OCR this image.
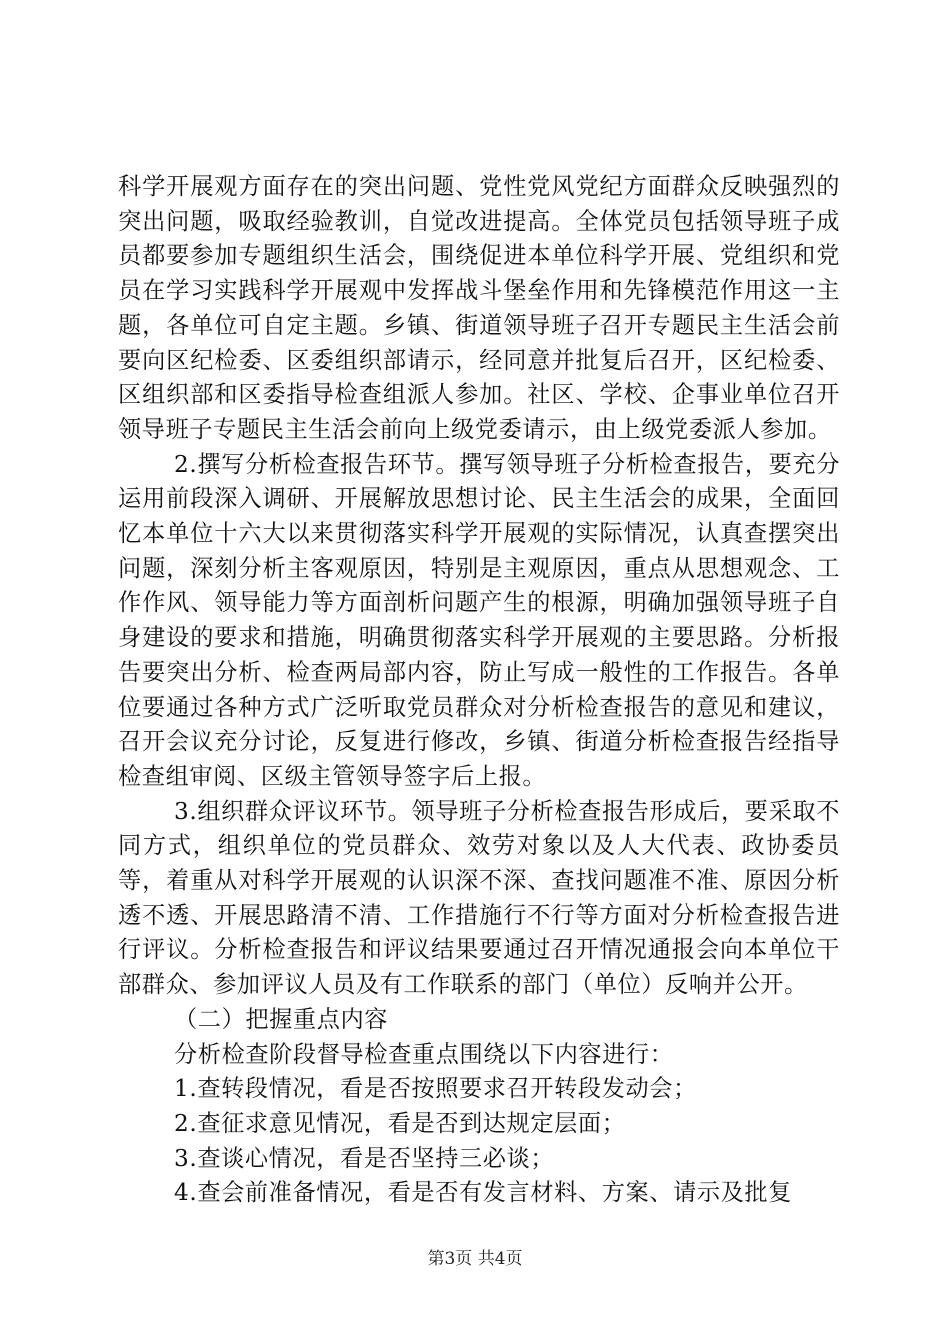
科学开展观方面存在的突出问题、党性党风党纪方面群众反映强烈的突出问题，吸取经验教训，自觉改进提高。全体党员包括领导班子成员都要参加专题组织生活会，围绕促进本单位科学开展、党组织和党员在学习实践科学开展观中发挥战斗堡垒作用和先锋模范作用这一主题，各单位可自定主题。乡镇、街道领导班子召开专题民主生活会前要向区纪检委、区委组织部请示，经同意并批复后召开，区纪检委、区组织部和区委指导检查组派人参加。社区、学校、企事业单位召开领导班子专题民主生活会前向上级党委请示，由上级党委派人参加。

2.撰写分析检查报告环节。撰写领导班子分析检查报告，要充分运用前段深入调研、开展解放思想讨论、民主生活会的成果，全面回忆本单位十六大以来贯彻落实科学开展观的实际情况，认真查摆突出问题，深刻分析主客观原因，特别是主观原因，重点从思想观念、工作作风、领导能力等方面剖析问题产生的根源，明确加强领导班子自身建设的要求和措施，明确贯彻落实科学开展观的主要思路。分析报告要突出分析、检查两局部内容，防止写成一般性的工作报告。各单位要通过各种方式广泛听取党员群众对分析检查报告的意见和建议，召开会议充分讨论，反复进行修改，乡镇、街道分析检查报告经指导检查组审阅、区级主管领导签字后上报。

3.组织群众评议环节。领导班子分析检查报告形成后，要采取不同方式，组织单位的党员群众、效劳对象以及人大代表、政协委员等，着重从对科学开展观的认识深不深、查找问题准不准、原因分析透不透、开展思路清不清、工作措施行不行等方面对分析检查报告进行评议。分析检查报告和评议结果要通过召开情况通报会向本单位干部群众、参加评议人员及有工作联系的部门（单位）反响并公开。

（二）把握重点内容

分析检查阶段督导检查重点围绕以下内容进行：

1.查转段情况，看是否按照要求召开转段发动会；

2.查征求意见情况，看是否到达规定层面；

3.查谈心情况，看是否坚持三必谈；

4.查会前准备情况，看是否有发言材料、方案、请示及批复

第3页 共4页
